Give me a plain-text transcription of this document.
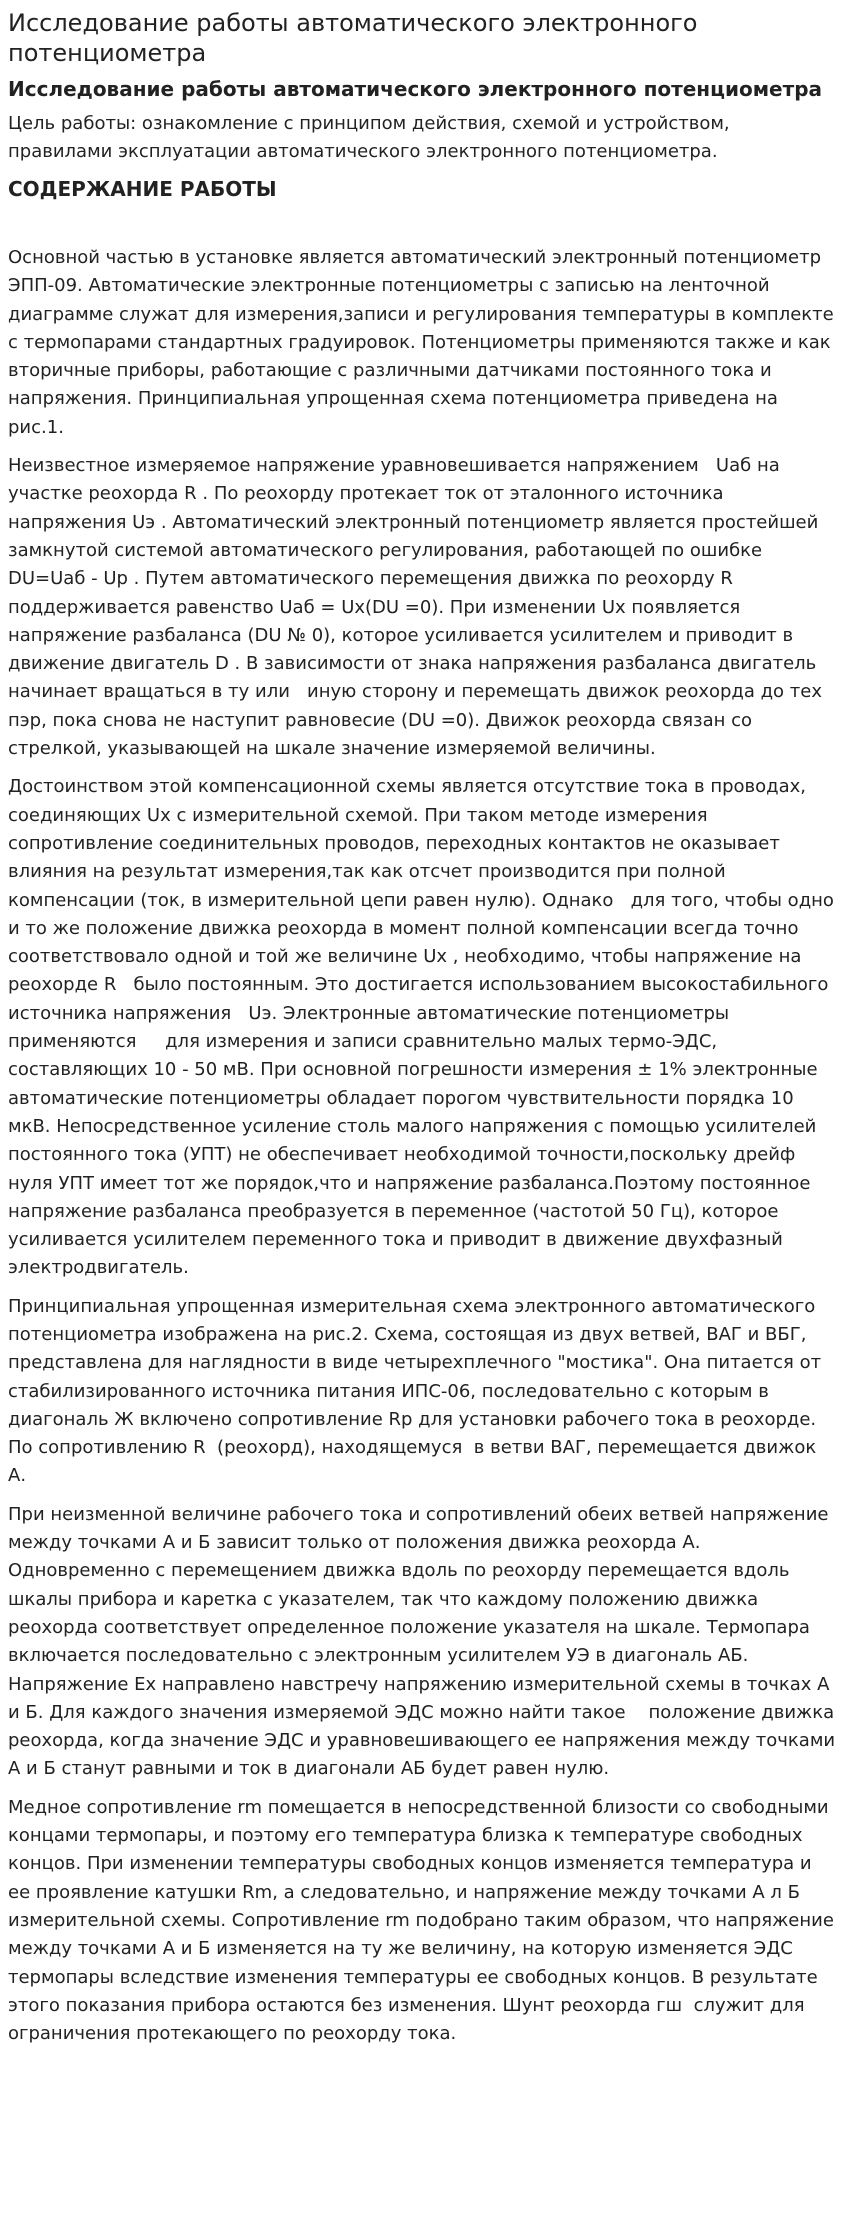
Исследование работы автоматического электронного потенциометра
Исследование работы автоматического электронного потенциометра

Цель работы: ознакомление с принципом действия, схемой и устройством, правилами эксплуатации автоматического электронного потенциометра.

СОДЕРЖАНИЕ РАБОТЫ

Основной частью в установке является автоматический электронный потенциометр ЭПП-09. Автоматические электронные потенциометры с записью на ленточной диаграмме служат для измерения,записи и регулирования температуры в комплекте с термопарами стандартных градуировок. Потенциометры применяются также и как вторичные приборы, работающие с различными датчиками постоянного тока и напряжения. Принципиальная упрощенная схема потенциометра приведена на рис.1.

Неизвестное измеряемое напряжение уравновешивается напряжением   Uаб на участке реохорда R . По реохорду протекает ток от эталонного источника напряжения Uэ . Автоматический электронный потенциометр является простейшей замкнутой системой автоматического регулирования, работающей по ошибке DU=Uаб - Up . Путем автоматического перемещения движка по реохорду R   поддерживается равенство Uаб = Ux(DU =0). При изменении Ux появляется напряжение разбаланса (DU № 0), которое усиливается усилителем и приводит в движение двигатель D . В зависимости от знака напряжения разбаланса двигатель начинает вращаться в ту или   иную сторону и перемещать движок реохорда до тех пэр, пока снова не наступит равновесие (DU =0). Движок реохорда связан со стрелкой, указывающей на шкале значение измеряемой величины.

Достоинством этой компенсационной схемы является отсутствие тока в проводах, соединяющих Ux с измерительной схемой. При таком методе измерения сопротивление соединительных проводов, переходных контактов не оказывает влияния на результат измерения,так как отсчет производится при полной компенсации (ток, в измерительной цепи равен нулю). Однако   для того, чтобы одно и то же положение движка реохорда в момент полной компенсации всегда точно соответствовало одной и той же величине Ux , необходимо, чтобы напряжение на реохорде R   было постоянным. Это достигается использованием высокостабильного источника напряжения   Uэ. Электронные автоматические потенциометры применяются     для измерения и записи сравнительно малых термо-ЭДС, составляющих 10 - 50 мВ. При основной погрешности измерения ± 1% электронные автоматические потенциометры обладает порогом чувствительности порядка 10 мкВ. Непосредственное усиление столь малого напряжения с помощью усилителей постоянного тока (УПТ) не обеспечивает необходимой точности,поскольку дрейф нуля УПТ имеет тот же порядок,что и напряжение разбаланса.Поэтому постоянное напряжение разбаланса преобразуется в переменное (частотой 50 Гц), которое усиливается усилителем переменного тока и приводит в движение двухфазный электродвигатель.

Принципиальная упрощенная измерительная схема электронного автоматического потенциометра изображена на рис.2. Схема, состоящая из двух ветвей, ВАГ и ВБГ, представлена для наглядности в виде четырехплечного "мостика". Она питается от стабилизированного источника питания ИПС-06, последовательно с которым в диагональ Ж включено сопротивление Rр для установки рабочего тока в реохорде. По сопротивлению R  (реохорд), находящемуся  в ветви ВАГ, перемещается движок А.

При неизменной величине рабочего тока и сопротивлений обеих ветвей напряжение между точками А и Б зависит только от положения движка реохорда А. Одновременно с перемещением движка вдоль по реохорду перемещается вдоль шкалы прибора и каретка с указателем, так что каждому положению движка реохорда соответствует определенное положение указателя на шкале. Термопара включается последовательно с электронным усилителем УЭ в диагональ АБ. Напряжение Ех направлено навстречу напряжению измерительной схемы в точках А и Б. Для каждого значения измеряемой ЭДС можно найти такое    положение движка реохорда, когда значение ЭДС и уравновешивающего ее напряжения между точками А и Б станут равными и ток в диагонали АБ будет равен нулю.

Медное сопротивление rm помещается в непосредственной близости со свободными концами термопары, и поэтому его температура близка к температуре свободных концов. При изменении температуры свободных концов изменяется температура и ее проявление катушки Rm, а следовательно, и напряжение между точками А л Б измерительной схемы. Сопротивление rm подобрано таким образом, что напряжение между точками А и Б изменяется на ту же величину, на которую изменяется ЭДС термопары вследствие изменения температуры ее свободных концов. В результате этого показания прибора остаются без изменения. Шунт реохорда гш  служит для ограничения протекающего по реохорду тока.
